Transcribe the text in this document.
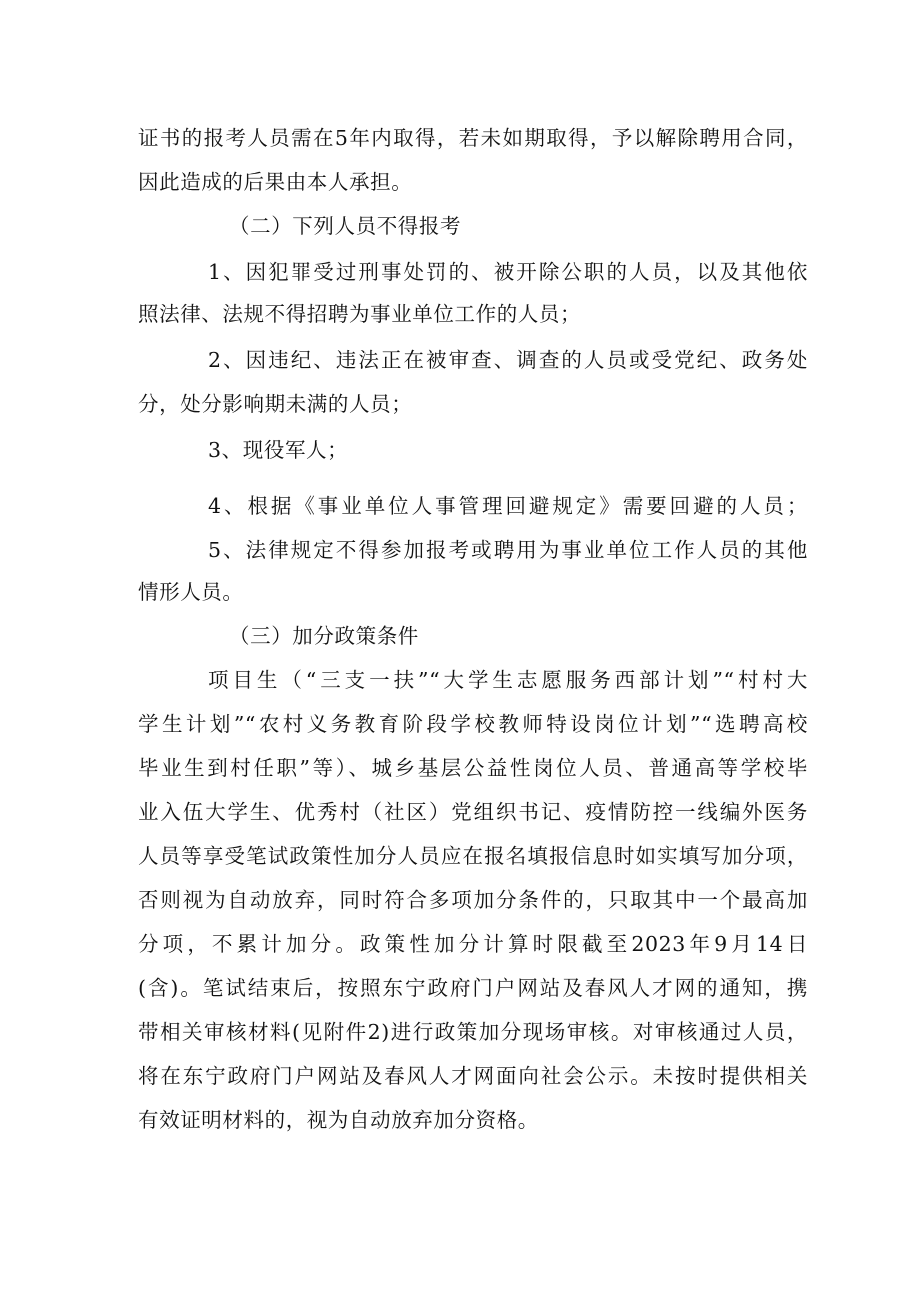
证书的报考人员需在5年内取得，若未如期取得，予以解除聘用合同，
因此造成的后果由本人承担。
（二）下列人员不得报考
1、因犯罪受过刑事处罚的、被开除公职的人员，以及其他依
照法律、法规不得招聘为事业单位工作的人员；
2、因违纪、违法正在被审查、调查的人员或受党纪、政务处
分，处分影响期未满的人员；
3、现役军人；
4、根据《事业单位人事管理回避规定》需要回避的人员；
5、法律规定不得参加报考或聘用为事业单位工作人员的其他
情形人员。
（三）加分政策条件
项目生（“三支一扶”“大学生志愿服务西部计划”“村村大
学生计划”“农村义务教育阶段学校教师特设岗位计划”“选聘高校
毕业生到村任职”等）、城乡基层公益性岗位人员、普通高等学校毕
业入伍大学生、优秀村（社区）党组织书记、疫情防控一线编外医务
人员等享受笔试政策性加分人员应在报名填报信息时如实填写加分项，
否则视为自动放弃，同时符合多项加分条件的，只取其中一个最高加
分项，不累计加分。政策性加分计算时限截至2023年9月14日
(含)。笔试结束后，按照东宁政府门户网站及春风人才网的通知，携
带相关审核材料(见附件2)进行政策加分现场审核。对审核通过人员，
将在东宁政府门户网站及春风人才网面向社会公示。未按时提供相关
有效证明材料的，视为自动放弃加分资格。
